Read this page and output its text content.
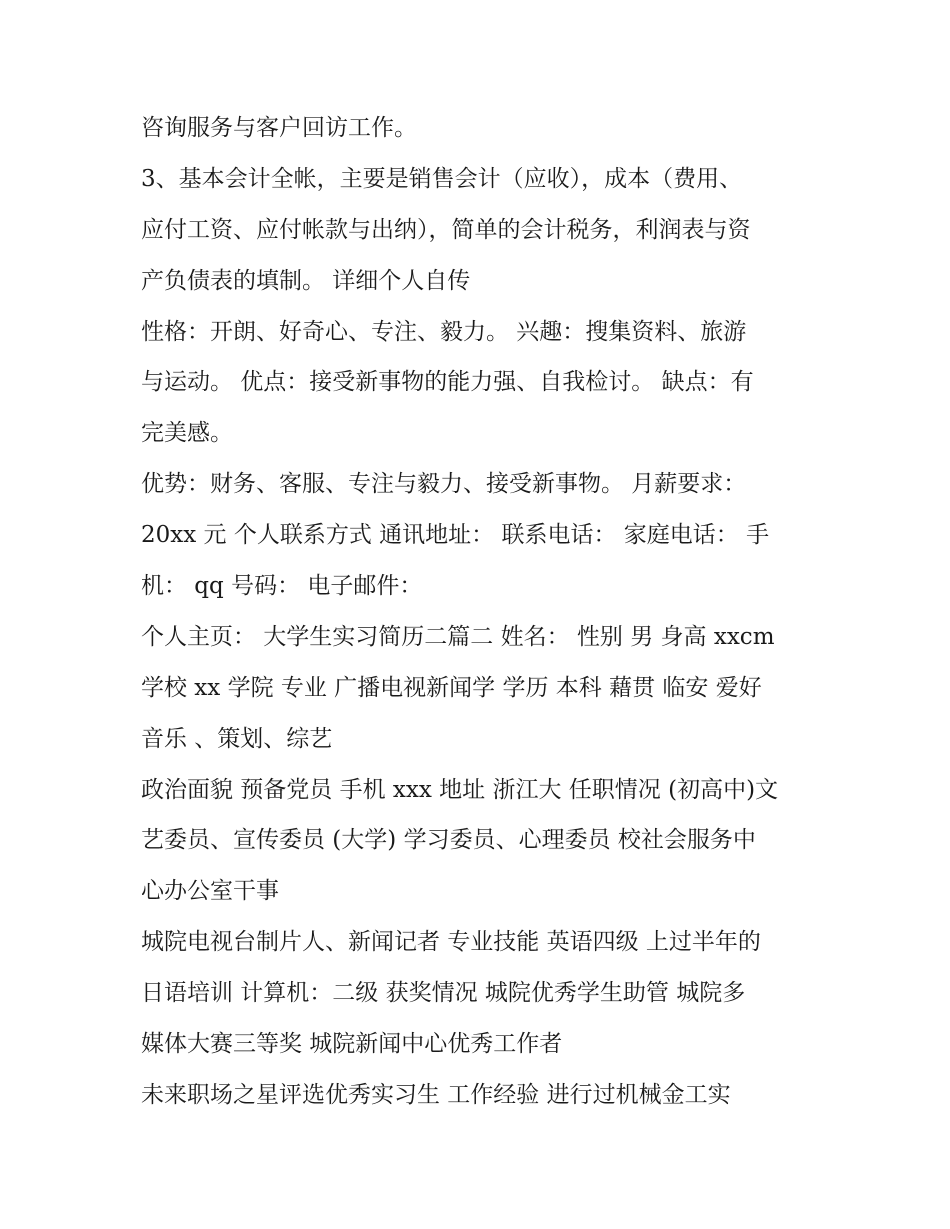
咨询服务与客户回访工作。
3、基本会计全帐，主要是销售会计（应收），成本（费用、
应付工资、应付帐款与出纳），简单的会计税务，利润表与资
产负债表的填制。 详细个人自传
性格：开朗、好奇心、专注、毅力。 兴趣：搜集资料、旅游
与运动。 优点：接受新事物的能力强、自我检讨。 缺点：有
完美感。
优势：财务、客服、专注与毅力、接受新事物。 月薪要求：
20xx 元 个人联系方式 通讯地址： 联系电话： 家庭电话： 手
机： qq 号码： 电子邮件：
个人主页： 大学生实习简历二篇二 姓名： 性别 男 身高 xxcm
学校 xx 学院 专业 广播电视新闻学 学历 本科 藉贯 临安 爱好
音乐 、策划、综艺
政治面貌 预备党员 手机 xxx 地址 浙江大 任职情况 (初高中)文
艺委员、宣传委员 (大学) 学习委员、心理委员 校社会服务中
心办公室干事
城院电视台制片人、新闻记者 专业技能 英语四级 上过半年的
日语培训 计算机：二级 获奖情况 城院优秀学生助管 城院多
媒体大赛三等奖 城院新闻中心优秀工作者
未来职场之星评选优秀实习生 工作经验 进行过机械金工实
